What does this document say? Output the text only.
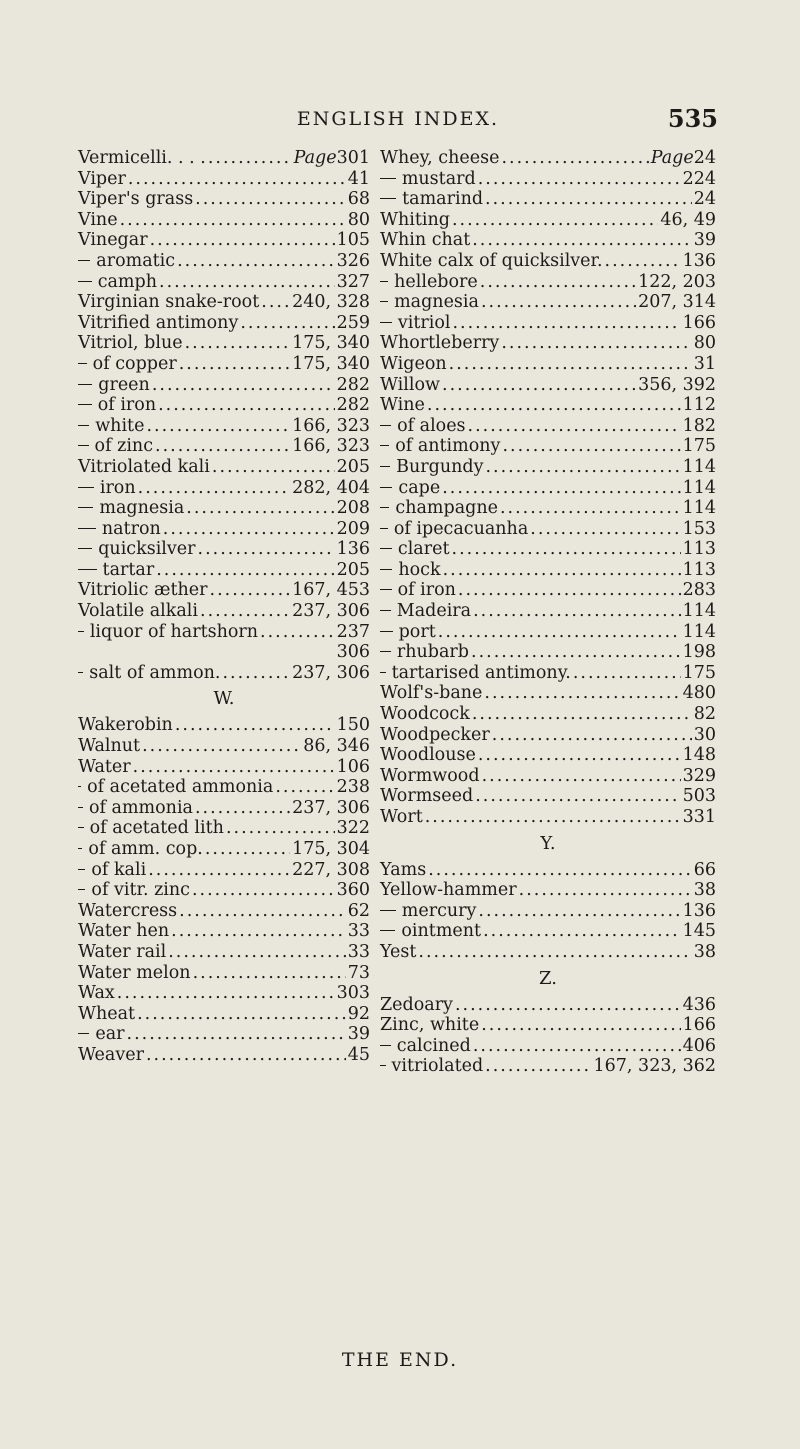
ENGLISH INDEX.	535
Vermicelli. . . . .....	Page301
Viper .....	41
Viper's grass .....	68
Vine .....	80
Vinegar .....	105
aromatic .....	326
camph .....	327
Virginian snake-root ..... 240, 328
Vitrified antimony .....	259
Vitriol, blue .....	175, 340
of copper .....	175, 340
green .....	282
of iron .....	282
white .....	166, 323
of zinc .....	166, 323
Vitriolated kali .....	205
iron .....	282, 404
magnesia .....	208
natron .....	209
quicksilver .....	136
tartar .....	205
Vitriolic æther .....	167, 453
Volatile alkali .....	237, 306
liquor of hartshorn .....	237
306
salt of ammon. .....	237, 306
W.
Wakerobin .....	150
Walnut .....	86, 346
Water .....	106
of acetated ammonia .....	238
of ammonia .....	237, 306
of acetated lith .....	322
of amm. cop. .....	175, 304
of kali .....	227, 308
of vitr. zinc .....	360
Watercress .....	62
Water hen .....	33
Water rail .....	33
Water melon .....	73
Wax .....	303
Wheat .....	92
ear .....	39
Weaver .....	45
Whey, cheese .....	Page24
mustard .....	224
tamarind .....	24
Whiting .....	46, 49
Whin chat .....	39
White calx of quicksilver. .....	136
hellebore .....	122, 203
magnesia .....	207, 314
vitriol .....	166
Whortleberry .....	80
Wigeon .....	31
Willow .....	356, 392
Wine .....	112
of aloes .....	182
of antimony .....	175
Burgundy .....	114
cape .....	114
champagne .....	114
of ipecacuanha .....	153
claret .....	113
hock .....	113
of iron .....	283
Madeira .....	114
port .....	114
rhubarb .....	198
tartarised antimony. .....	175
Wolf's-bane .....	480
Woodcock .....	82
Woodpecker .....	30
Woodlouse .....	148
Wormwood .....	329
Wormseed .....	503
Wort .....	331
Y.
Yams .....	66
Yellow-hammer .....	38
mercury .....	136
ointment .....	145
Yest .....	38
Z.
Zedoary .....	436
Zinc, white .....	166
calcined .....	406
vitriolated .....	167, 323, 362
THE END.
